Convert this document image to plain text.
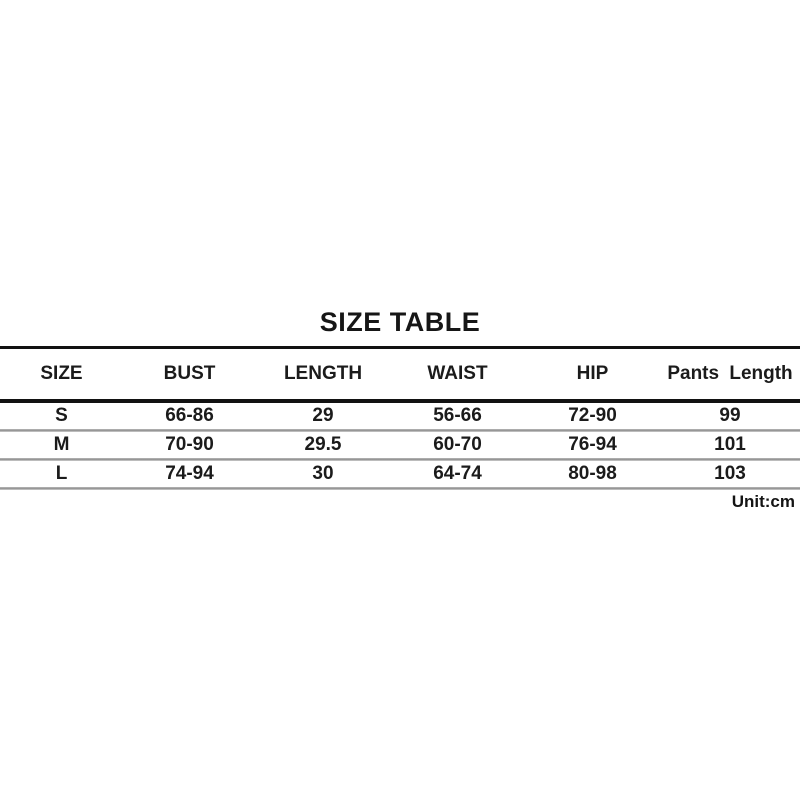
SIZE TABLE
SIZE	BUST	LENGTH	WAIST	HIP	Pants Length
S	66-86	29	56-66	72-90	99
M	70-90	29.5	60-70	76-94	101
L	74-94	30	64-74	80-98	103
Unit:cm
